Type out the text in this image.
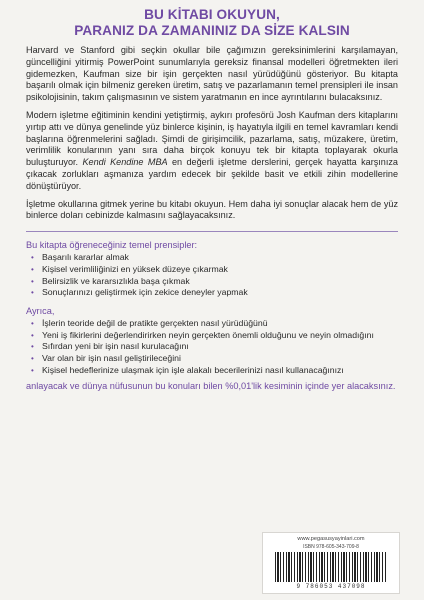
BU KİTABI OKUYUN,
PARANIZ DA ZAMANINIZ DA SİZE KALSIN

Harvard ve Stanford gibi seçkin okullar bile çağımızın gereksinimlerini karşılamayan, güncelliğini yitirmiş PowerPoint sunumlarıyla gereksiz finansal modelleri öğretmekten ileri gidemezken, Kaufman size bir işin gerçekten nasıl yürüdüğünü gösteriyor. Bu kitapta başarılı olmak için bilmeniz gereken üretim, satış ve pazarlamanın temel prensipleri ile insan psikolojisinin, takım çalışmasının ve sistem yaratmanın en ince ayrıntılarını bulacaksınız.

Modern işletme eğitiminin kendini yetiştirmiş, aykırı profesörü Josh Kaufman ders kitaplarını yırtıp attı ve dünya genelinde yüz binlerce kişinin, iş hayatıyla ilgili en temel kavramları kendi başlarına öğrenmelerini sağladı. Şimdi de girişimcilik, pazarlama, satış, müzakere, üretim, verimlilik konularının yanı sıra daha birçok konuyu tek bir kitapta toplayarak okurla buluşturuyor. Kendi Kendine MBA en değerli işletme derslerini, gerçek hayatta karşınıza çıkacak zorlukları aşmanıza yardım edecek bir şekilde basit ve etkili zihin modellerine dönüştürüyor.

İşletme okullarına gitmek yerine bu kitabı okuyun. Hem daha iyi sonuçlar alacak hem de yüz binlerce doları cebinizde kalmasını sağlayacaksınız.

Bu kitapta öğreneceğiniz temel prensipler:
• Başarılı kararlar almak
• Kişisel verimliliğinizi en yüksek düzeye çıkarmak
• Belirsizlik ve kararsızlıkla başa çıkmak
• Sonuçlarınızı geliştirmek için zekice deneyler yapmak
Ayrıca,
• İşlerin teoride değil de pratikte gerçekten nasıl yürüdüğünü
• Yeni iş fikirlerini değerlendirirken neyin gerçekten önemli olduğunu ve neyin olmadığını
• Sıfırdan yeni bir işin nasıl kurulacağını
• Var olan bir işin nasıl geliştirileceğini
• Kişisel hedeflerinize ulaşmak için işle alakalı becerilerinizi nasıl kullanacağınızı

anlayacak ve dünya nüfusunun bu konuları bilen %0,01'lik kesiminin içinde yer alacaksınız.

www.pegasusyayinlari.com
ISBN 978-605-343-709-8
9 786053 437098
